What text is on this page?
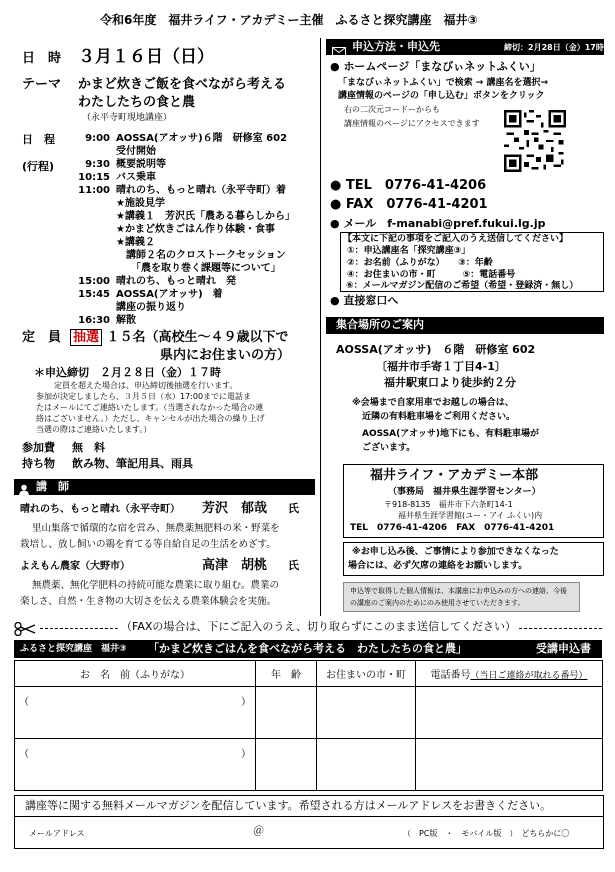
令和6年度　福井ライフ・アカデミー主催　ふるさと探究講座　福井③
日　時 ３月１６日（日）
テーマ かまど炊きご飯を食べながら考える
わたしたちの食と農
（永平寺町現地講座）
日　程
(行程)
9:00 AOSSA(アオッサ)６階　研修室 602
受付開始
9:30 概要説明等
10:15 バス乗車
11:00 晴れのち、もっと晴れ（永平寺町）着
★施設見学
★講義１　芳沢氏「農ある暮らしから」
★かまど炊きごはん作り体験・食事
★講義２
　講師２名のクロストークセッション
　　「農を取り巻く課題等について」
15:00 晴れのち、もっと晴れ　発
15:45 AOSSA(アオッサ)　着
講座の振り返り
16:30 解散
定　員 抽選 １５名（高校生～４９歳以下で
県内にお住まいの方）
＊申込締切　２月２８日（金）１７時
定員を超えた場合は、申込締切後抽選を行います。
参加が決定しましたら、３月５日（水）17:00までに電話ま
たはメールにてご連絡いたします。（当選されなかった場合の連
絡はございません。）ただし、キャンセルが出た場合の繰り上げ
当選の際はご連絡いたします。）
参加費 無　料
持ち物 飲み物、筆記用具、雨具
講　師
晴れのち、もっと晴れ（永平寺町） 芳沢　郁哉 氏
里山集落で循環的な宿を営み、無農薬無肥料の米・野菜を
栽培し、放し飼いの鶏を育てる等自給自足の生活をめざす。
よえもん農家（大野市）	高津　胡桃 氏
無農薬、無化学肥料の持続可能な農業に取り組む。農業の
楽しさ、自然・生き物の大切さを伝える農業体験会を実施。
申込方法・申込先	締切：2月28日（金）17時
● ホームページ「まなびぃネットふくい」
「まなびぃネットふくい」で検索 → 講座名を選択→
講座情報のページの「申し込む」ボタンをクリック
右の二次元コードーからも
講座情報のページにアクセスできます
● TEL　0776-41-4206
● FAX　0776-41-4201
● メール　f-manabi@pref.fukui.lg.jp
【本文に下記の事項をご記入のうえ送信してください】
①：申込講座名「探究講座③」
②：お名前（ふりがな）　　③：年齢
④：お住まいの市・町　　　⑤：電話番号
⑥：メールマガジン配信のご希望（希望・登録済・無し）
● 直接窓口へ
集合場所のご案内
AOSSA(アオッサ)　６階　研修室 602
〔福井市手寄１丁目4-1〕
福井駅東口より徒歩約２分
※会場まで自家用車でお越しの場合は、
近隣の有料駐車場をご利用ください。
AOSSA(アオッサ)地下にも、有料駐車場が
ございます。
福井ライフ・アカデミー本部
（事務局　福井県生涯学習センター）
〒918-8135　福井市下六条町14-1
福井県生涯学習館(ユー・アイ ふくい)内
TEL　0776-41-4206　FAX　0776-41-4201
※お申し込み後、ご事情により参加できなくなった
場合には、必ず欠席の連絡をお願いします。
申込等で取得した個人情報は、本講座にお申込みの方への連絡、今後
の講座のご案内のためにのみ使用させていただきます。
（FAXの場合は、下にご記入のうえ、切り取らずにこのまま送信してください）
ふるさと探究講座　福井③ 「かまど炊きごはんを食べながら考える　わたしたちの食と農」	受講申込書
お　名　前（ふりがな）	年　齢	お住まいの市・町	電話番号（当日ご連絡が取れる番号）
（ ）			

（ ）			

講座等に関する無料メールマガジンを配信しています。希望される方はメールアドレスをお書きください。
メールアドレス	＠	（　PC版　・　モバイル版　）　どちらかに〇
